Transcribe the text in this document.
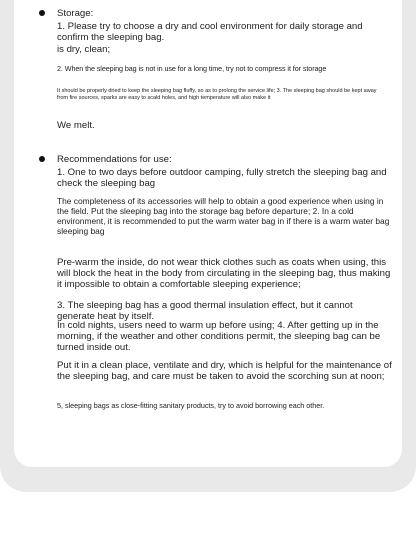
Storage:

1. Please try to choose a dry and cool environment for daily storage and confirm the sleeping bag.

is dry, clean;

2. When the sleeping bag is not in use for a long time, try not to compress it for storage

It should be properly dried to keep the sleeping bag fluffy, so as to prolong the service life; 3. The sleeping bag should be kept away from fire sources, sparks are easy to scald holes, and high temperature will also make it

We melt.

Recommendations for use:

1. One to two days before outdoor camping, fully stretch the sleeping bag and check the sleeping bag

The completeness of its accessories will help to obtain a good experience when using in the field. Put the sleeping bag into the storage bag before departure; 2. In a cold environment, it is recommended to put the warm water bag in if there is a warm water bag sleeping bag

Pre-warm the inside, do not wear thick clothes such as coats when using, this will block the heat in the body from circulating in the sleeping bag, thus making it impossible to obtain a comfortable sleeping experience;

3. The sleeping bag has a good thermal insulation effect, but it cannot generate heat by itself.

In cold nights, users need to warm up before using; 4. After getting up in the morning, if the weather and other conditions permit, the sleeping bag can be turned inside out.

Put it in a clean place, ventilate and dry, which is helpful for the maintenance of the sleeping bag, and care must be taken to avoid the scorching sun at noon;

5, sleeping bags as close-fitting sanitary products, try to avoid borrowing each other.
